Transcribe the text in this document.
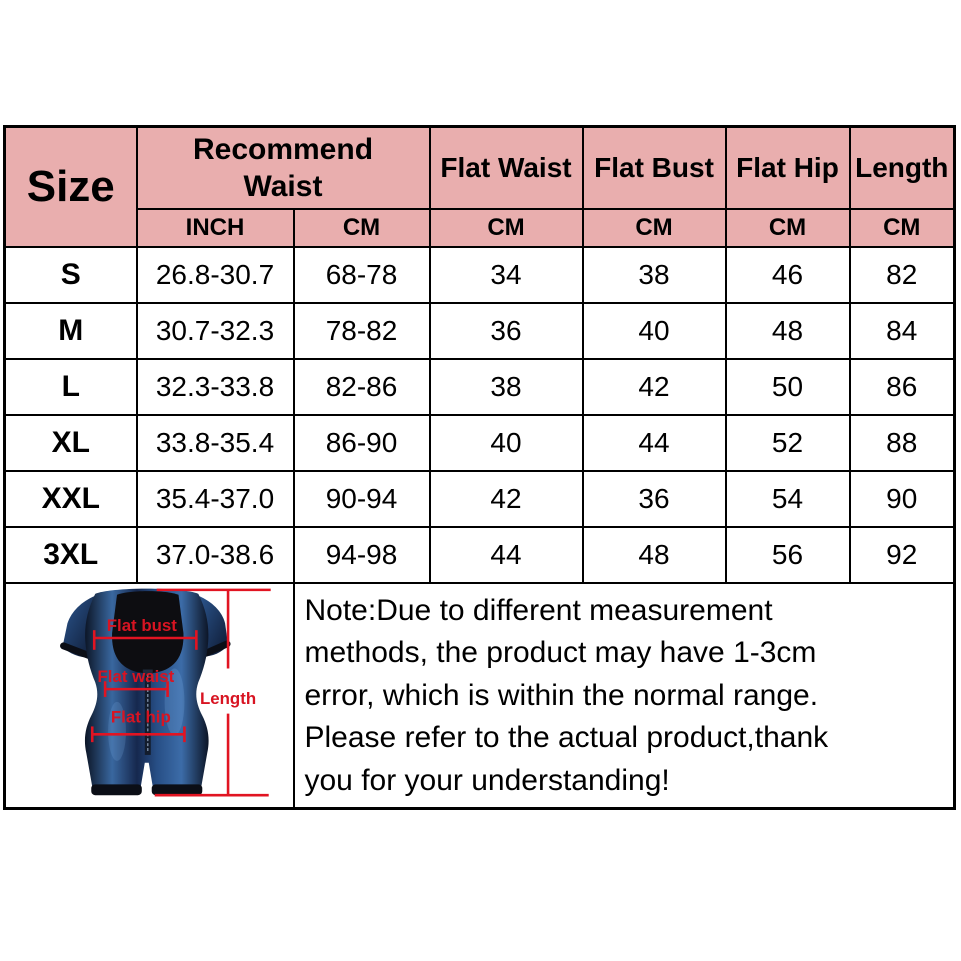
Size	Recommend Waist		Flat Waist	Flat Bust	Flat Hip	Length
	INCH	CM	CM	CM	CM	CM
S	26.8-30.7	68-78	34	38	46	82
M	30.7-32.3	78-82	36	40	48	84
L	32.3-33.8	82-86	38	42	50	86
XL	33.8-35.4	86-90	40	44	52	88
XXL	35.4-37.0	90-94	42	36	54	90
3XL	37.0-38.6	94-98	44	48	56	92

Flat bust
Flat waist
Flat hip
Length

Note:Due to different measurement
methods, the product may have 1-3cm
error, which is within the normal range.
Please refer to the actual product,thank
you for your understanding!
